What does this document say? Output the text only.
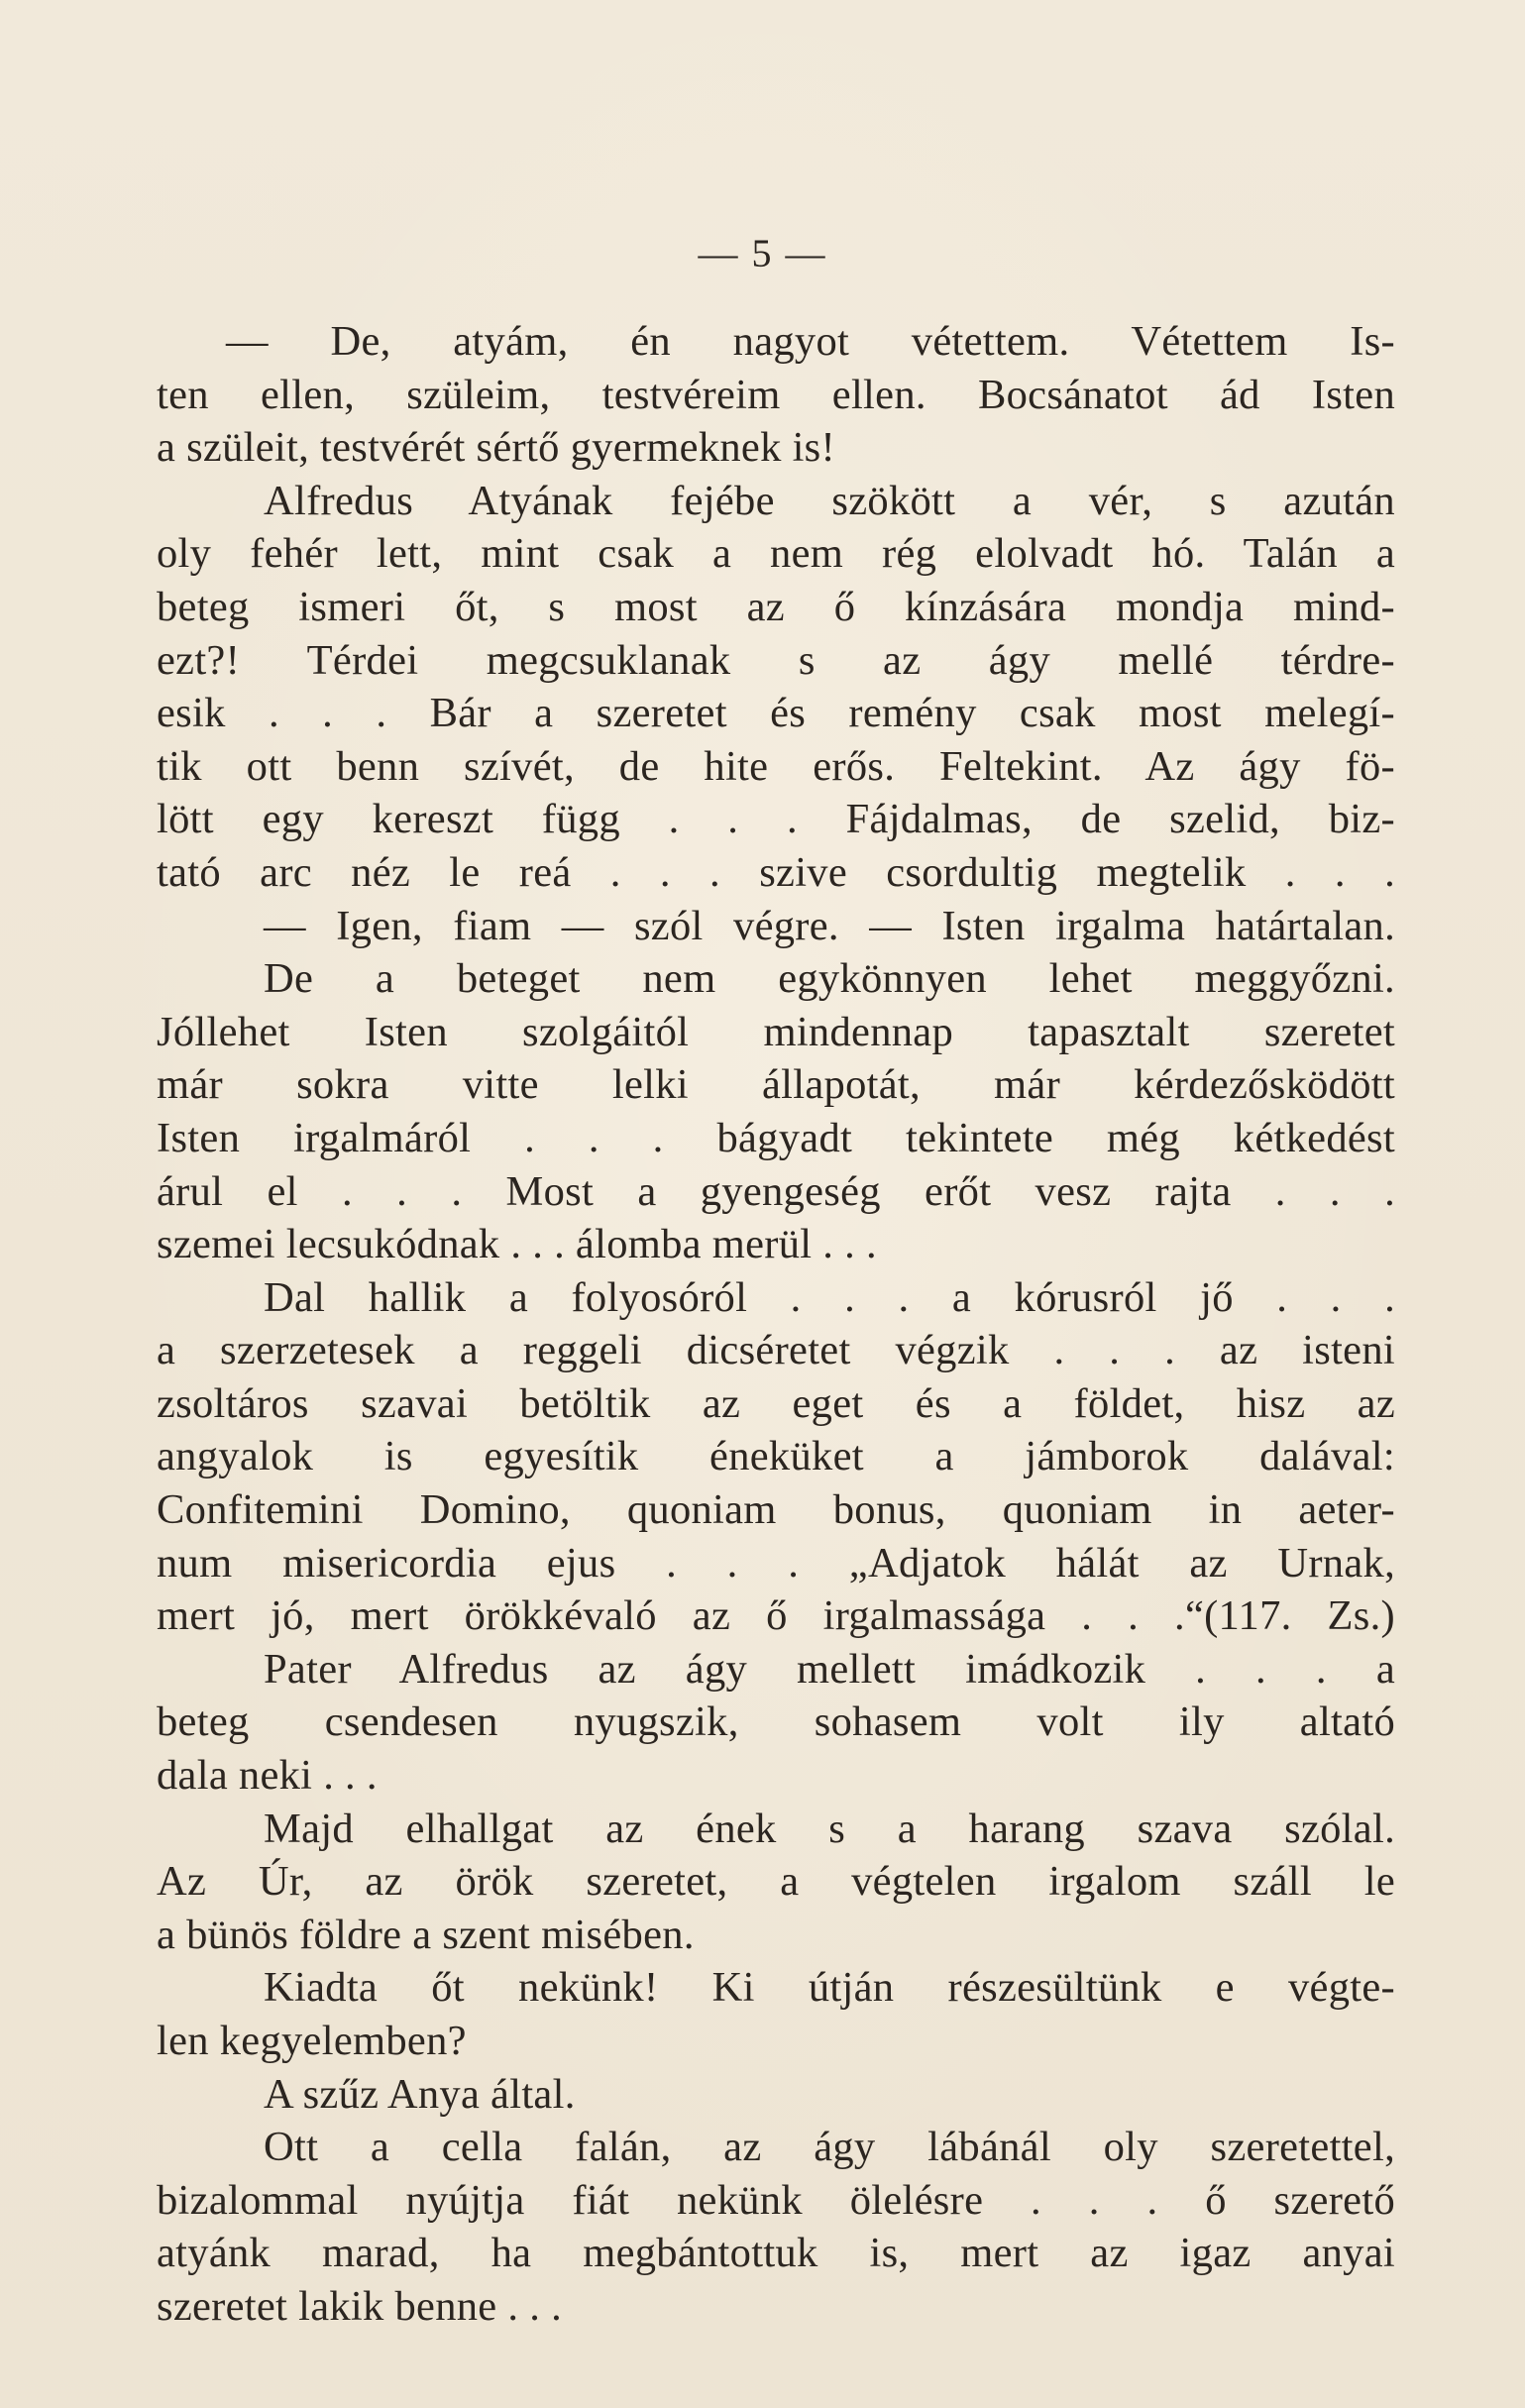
— 5 —
— De, atyám, én nagyot vétettem. Vétettem Is-
ten ellen, szüleim, testvéreim ellen. Bocsánatot ád Isten
a szüleit, testvérét sértő gyermeknek is!
Alfredus Atyának fejébe szökött a vér, s azután
oly fehér lett, mint csak a nem rég elolvadt hó. Talán a
beteg ismeri őt, s most az ő kínzására mondja mind-
ezt?! Térdei megcsuklanak s az ágy mellé térdre-
esik . . . Bár a szeretet és remény csak most melegí-
tik ott benn szívét, de hite erős. Feltekint. Az ágy fö-
lött egy kereszt függ . . . Fájdalmas, de szelid, biz-
tató arc néz le reá . . . szive csordultig megtelik . . .
— Igen, fiam — szól végre. — Isten irgalma határtalan.
De a beteget nem egykönnyen lehet meggyőzni.
Jóllehet Isten szolgáitól mindennap tapasztalt szeretet
már sokra vitte lelki állapotát, már kérdezősködött
Isten irgalmáról . . . bágyadt tekintete még kétkedést
árul el . . . Most a gyengeség erőt vesz rajta . . .
szemei lecsukódnak . . . álomba merül . . .
Dal hallik a folyosóról . . . a kórusról jő . . .
a szerzetesek a reggeli dicséretet végzik . . . az isteni
zsoltáros szavai betöltik az eget és a földet, hisz az
angyalok is egyesítik éneküket a jámborok dalával:
Confitemini Domino, quoniam bonus, quoniam in aeter-
num misericordia ejus . . . „Adjatok hálát az Urnak,
mert jó, mert örökkévaló az ő irgalmassága . . .“(117. Zs.)
Pater Alfredus az ágy mellett imádkozik . . . a
beteg csendesen nyugszik, sohasem volt ily altató
dala neki . . .
Majd elhallgat az ének s a harang szava szólal.
Az Úr, az örök szeretet, a végtelen irgalom száll le
a bünös földre a szent misében.
Kiadta őt nekünk! Ki útján részesültünk e végte-
len kegyelemben?
A szűz Anya által.
Ott a cella falán, az ágy lábánál oly szeretettel,
bizalommal nyújtja fiát nekünk ölelésre . . . ő szerető
atyánk marad, ha megbántottuk is, mert az igaz anyai
szeretet lakik benne . . .
